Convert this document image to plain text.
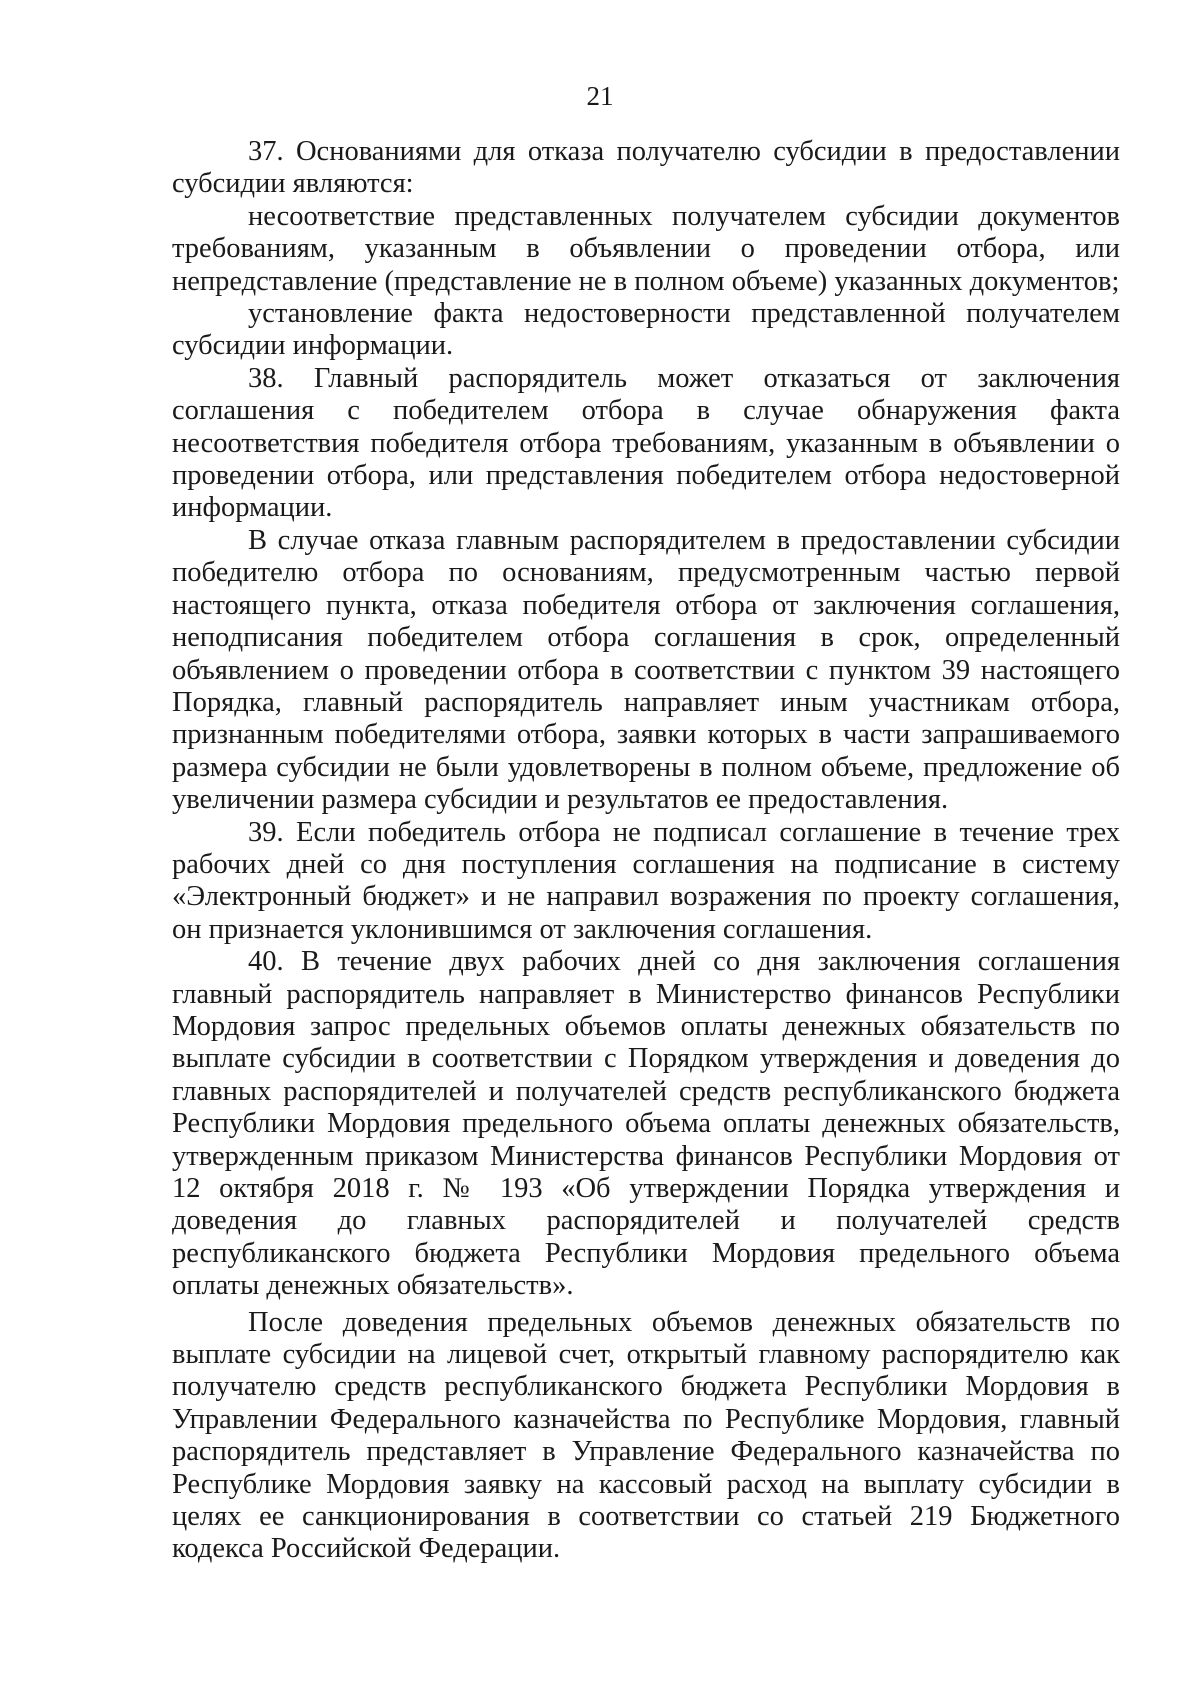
21

37. Основаниями для отказа получателю субсидии в предоставлении субсидии являются:

несоответствие представленных получателем субсидии документов требованиям, указанным в объявлении о проведении отбора, или непредставление (представление не в полном объеме) указанных документов;

установление факта недостоверности представленной получателем субсидии информации.

38. Главный распорядитель может отказаться от заключения соглашения с победителем отбора в случае обнаружения факта несоответствия победителя отбора требованиям, указанным в объявлении о проведении отбора, или представления победителем отбора недостоверной информации.

В случае отказа главным распорядителем в предоставлении субсидии победителю отбора по основаниям, предусмотренным частью первой настоящего пункта, отказа победителя отбора от заключения соглашения, неподписания победителем отбора соглашения в срок, определенный объявлением о проведении отбора в соответствии с пунктом 39 настоящего Порядка, главный распорядитель направляет иным участникам отбора, признанным победителями отбора, заявки которых в части запрашиваемого размера субсидии не были удовлетворены в полном объеме, предложение об увеличении размера субсидии и результатов ее предоставления.

39. Если победитель отбора не подписал соглашение в течение трех рабочих дней со дня поступления соглашения на подписание в систему «Электронный бюджет» и не направил возражения по проекту соглашения, он признается уклонившимся от заключения соглашения.

40. В течение двух рабочих дней со дня заключения соглашения главный распорядитель направляет в Министерство финансов Республики Мордовия запрос предельных объемов оплаты денежных обязательств по выплате субсидии в соответствии с Порядком утверждения и доведения до главных распорядителей и получателей средств республиканского бюджета Республики Мордовия предельного объема оплаты денежных обязательств, утвержденным приказом Министерства финансов Республики Мордовия от 12 октября 2018 г. № 193 «Об утверждении Порядка утверждения и доведения до главных распорядителей и получателей средств республиканского бюджета Республики Мордовия предельного объема оплаты денежных обязательств».

После доведения предельных объемов денежных обязательств по выплате субсидии на лицевой счет, открытый главному распорядителю как получателю средств республиканского бюджета Республики Мордовия в Управлении Федерального казначейства по Республике Мордовия, главный распорядитель представляет в Управление Федерального казначейства по Республике Мордовия заявку на кассовый расход на выплату субсидии в целях ее санкционирования в соответствии со статьей 219 Бюджетного кодекса Российской Федерации.
